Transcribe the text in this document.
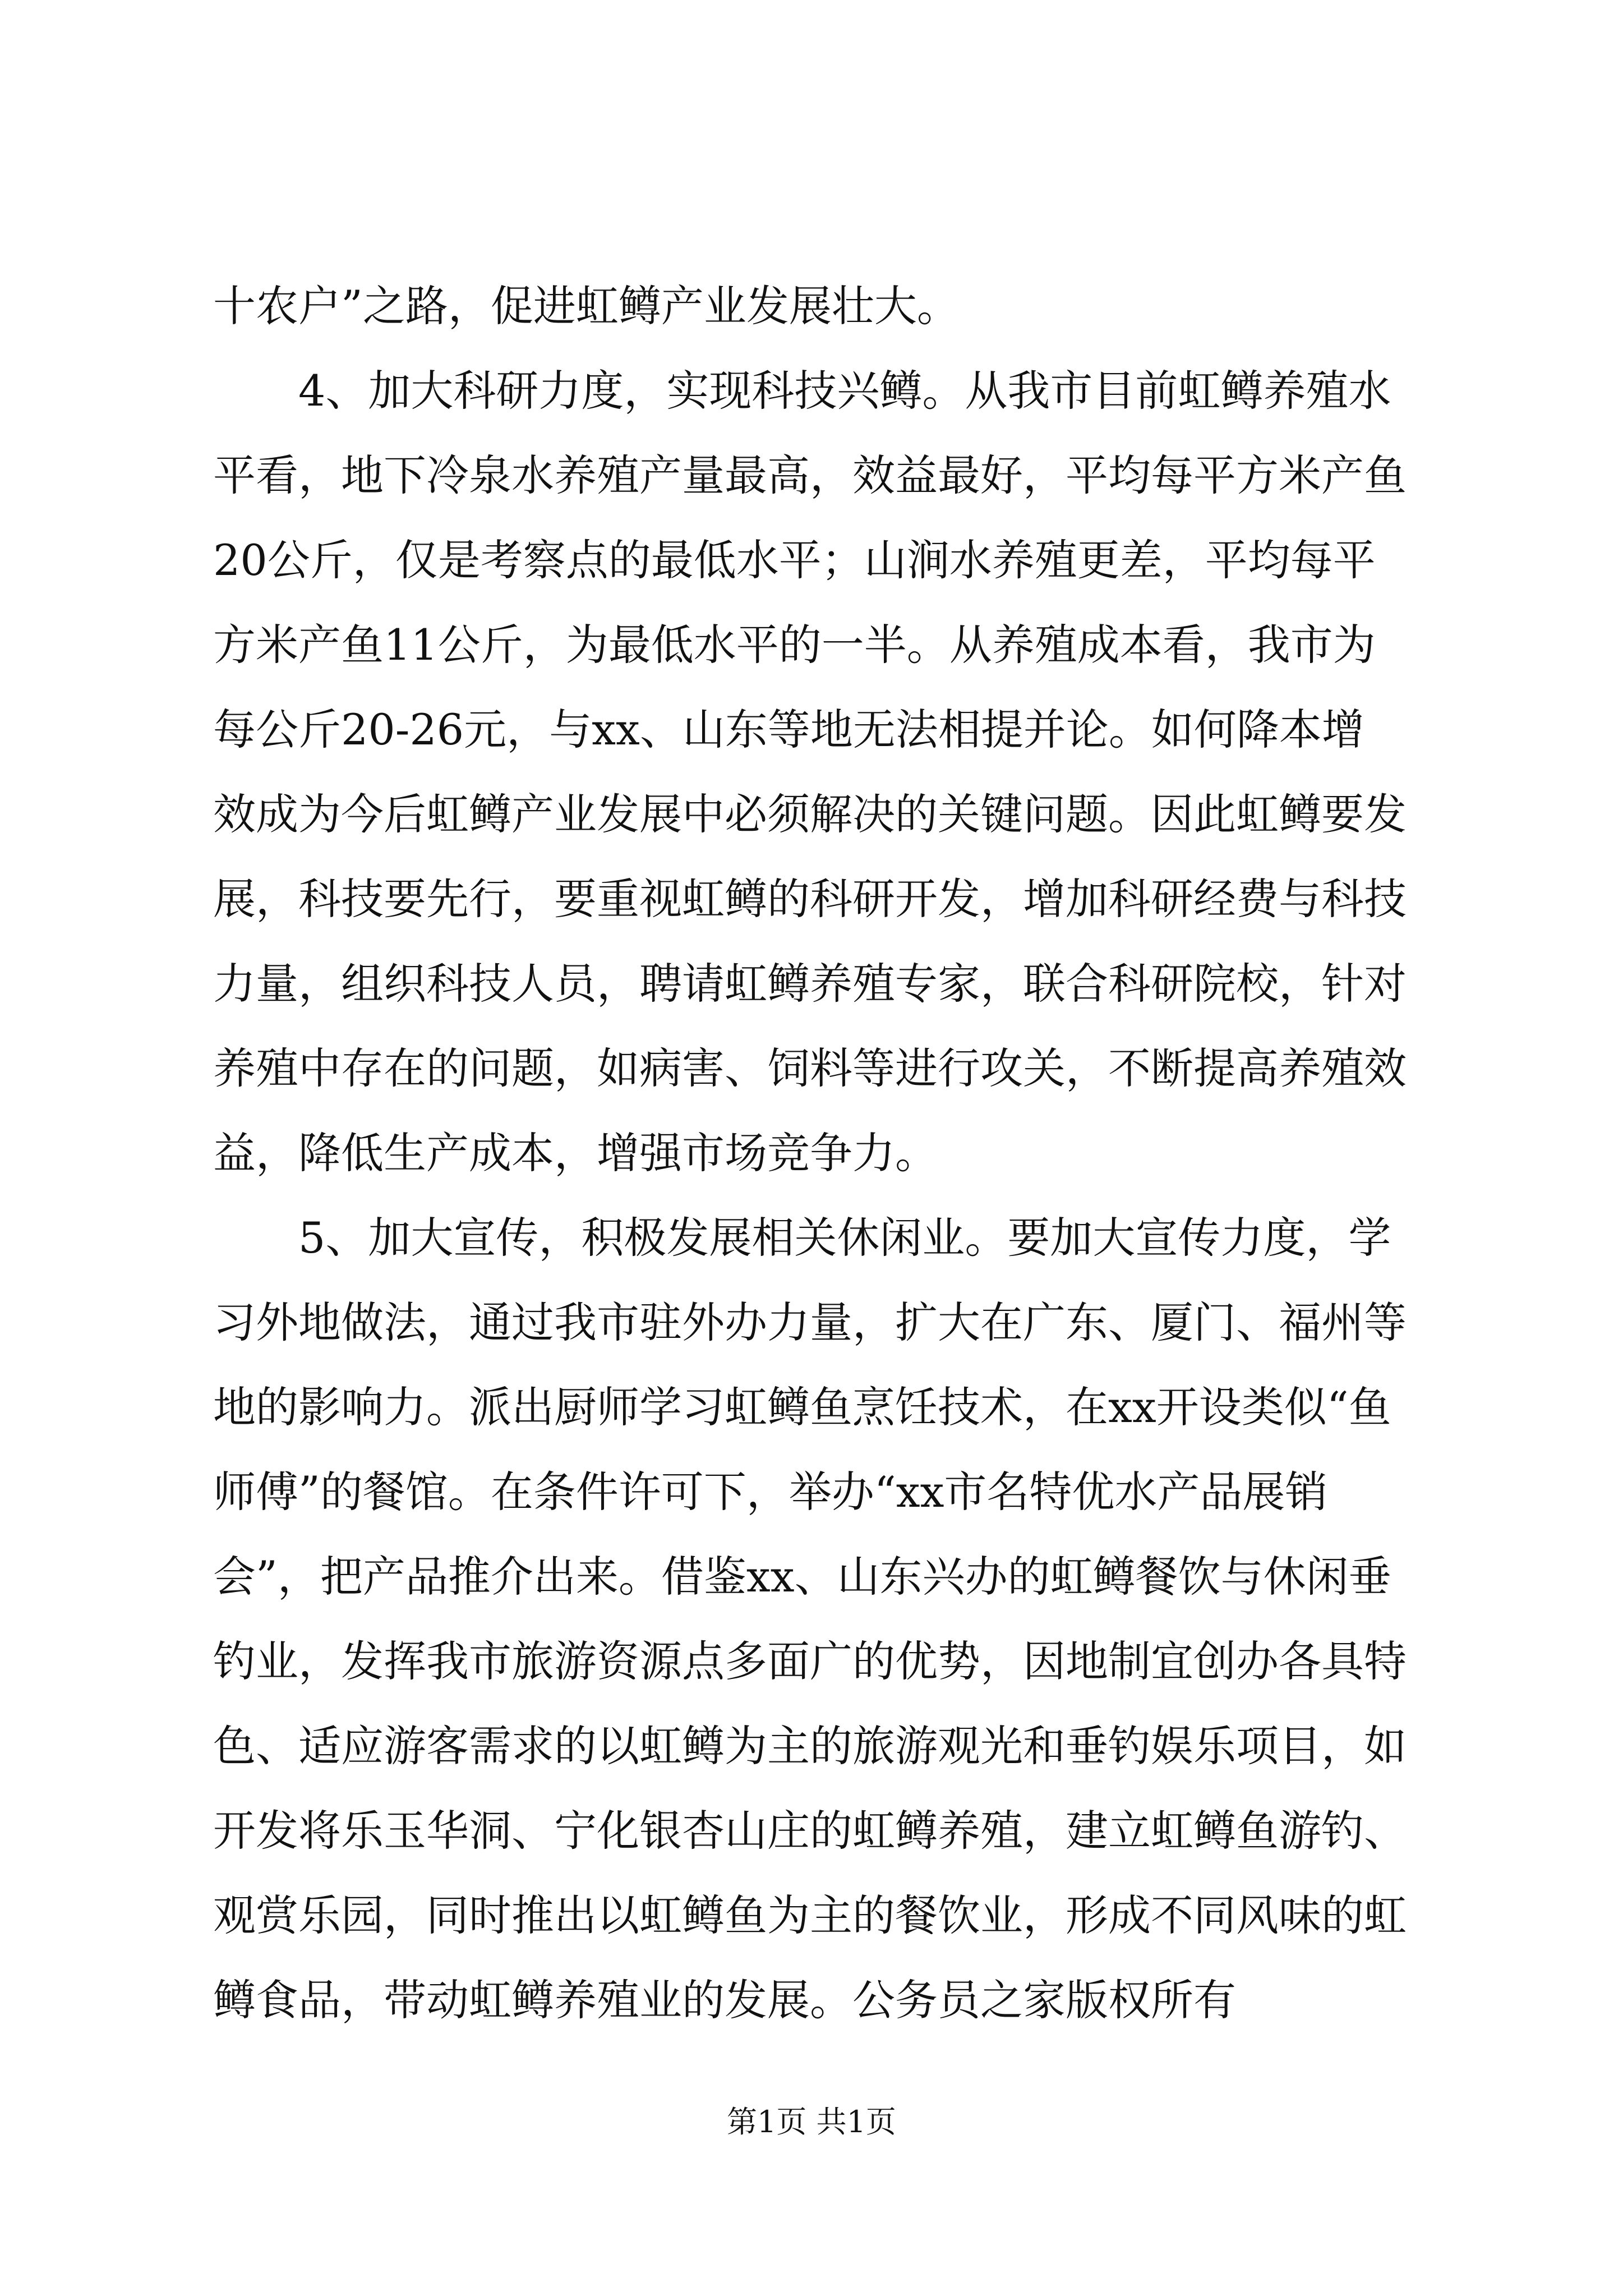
十农户”之路，促进虹鳟产业发展壮大。
4、加大科研力度，实现科技兴鳟。从我市目前虹鳟养殖水
平看，地下冷泉水养殖产量最高，效益最好，平均每平方米产鱼
20公斤，仅是考察点的最低水平；山涧水养殖更差，平均每平
方米产鱼11公斤，为最低水平的一半。从养殖成本看，我市为
每公斤20-26元，与xx、山东等地无法相提并论。如何降本增
效成为今后虹鳟产业发展中必须解决的关键问题。因此虹鳟要发
展，科技要先行，要重视虹鳟的科研开发，增加科研经费与科技
力量，组织科技人员，聘请虹鳟养殖专家，联合科研院校，针对
养殖中存在的问题，如病害、饲料等进行攻关，不断提高养殖效
益，降低生产成本，增强市场竞争力。
5、加大宣传，积极发展相关休闲业。要加大宣传力度，学
习外地做法，通过我市驻外办力量，扩大在广东、厦门、福州等
地的影响力。派出厨师学习虹鳟鱼烹饪技术，在xx开设类似“鱼
师傅”的餐馆。在条件许可下，举办“xx市名特优水产品展销
会”，把产品推介出来。借鉴xx、山东兴办的虹鳟餐饮与休闲垂
钓业，发挥我市旅游资源点多面广的优势，因地制宜创办各具特
色、适应游客需求的以虹鳟为主的旅游观光和垂钓娱乐项目，如
开发将乐玉华洞、宁化银杏山庄的虹鳟养殖，建立虹鳟鱼游钓、
观赏乐园，同时推出以虹鳟鱼为主的餐饮业，形成不同风味的虹
鳟食品，带动虹鳟养殖业的发展。公务员之家版权所有
第1页 共1页
